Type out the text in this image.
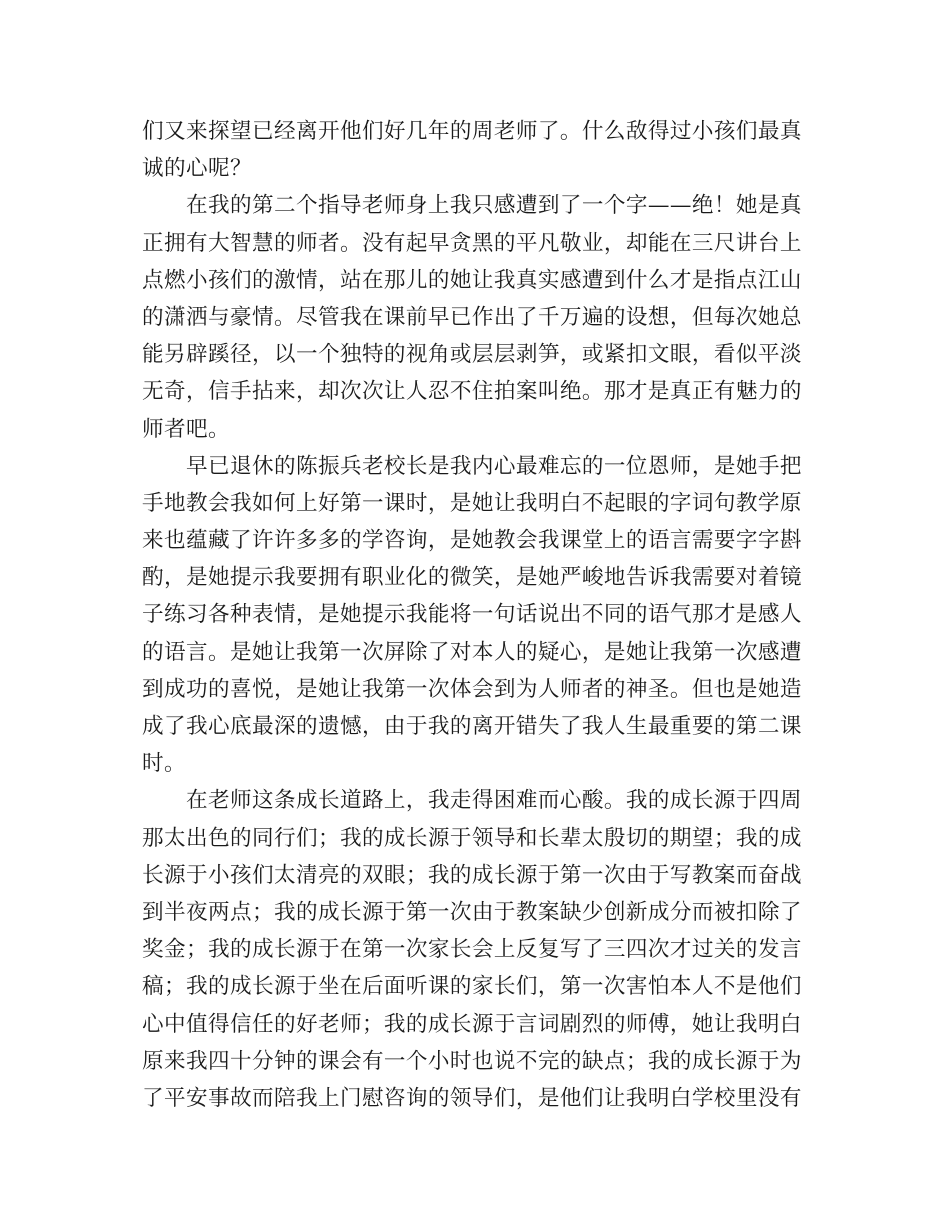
们又来探望已经离开他们好几年的周老师了。什么敌得过小孩们最真
诚的心呢？
　　在我的第二个指导老师身上我只感遭到了一个字——绝！她是真
正拥有大智慧的师者。没有起早贪黑的平凡敬业，却能在三尺讲台上
点燃小孩们的激情，站在那儿的她让我真实感遭到什么才是指点江山
的潇洒与豪情。尽管我在课前早已作出了千万遍的设想，但每次她总
能另辟蹊径，以一个独特的视角或层层剥笋，或紧扣文眼，看似平淡
无奇，信手拈来，却次次让人忍不住拍案叫绝。那才是真正有魅力的
师者吧。
　　早已退休的陈振兵老校长是我内心最难忘的一位恩师，是她手把
手地教会我如何上好第一课时，是她让我明白不起眼的字词句教学原
来也蕴藏了许许多多的学咨询，是她教会我课堂上的语言需要字字斟
酌，是她提示我要拥有职业化的微笑，是她严峻地告诉我需要对着镜
子练习各种表情，是她提示我能将一句话说出不同的语气那才是感人
的语言。是她让我第一次屏除了对本人的疑心，是她让我第一次感遭
到成功的喜悦，是她让我第一次体会到为人师者的神圣。但也是她造
成了我心底最深的遗憾，由于我的离开错失了我人生最重要的第二课
时。
　　在老师这条成长道路上，我走得困难而心酸。我的成长源于四周
那太出色的同行们；我的成长源于领导和长辈太殷切的期望；我的成
长源于小孩们太清亮的双眼；我的成长源于第一次由于写教案而奋战
到半夜两点；我的成长源于第一次由于教案缺少创新成分而被扣除了
奖金；我的成长源于在第一次家长会上反复写了三四次才过关的发言
稿；我的成长源于坐在后面听课的家长们，第一次害怕本人不是他们
心中值得信任的好老师；我的成长源于言词剧烈的师傅，她让我明白
原来我四十分钟的课会有一个小时也说不完的缺点；我的成长源于为
了平安事故而陪我上门慰咨询的领导们，是他们让我明白学校里没有
